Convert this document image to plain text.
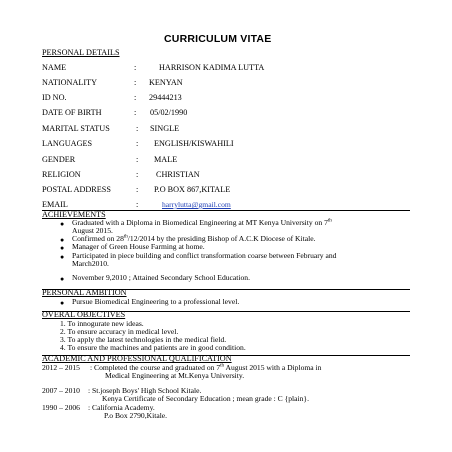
CURRICULUM VITAE
PERSONAL DETAILS
NAME	:	HARRISON KADIMA LUTTA
NATIONALITY	: KENYAN
ID NO.	: 29444213
DATE OF BIRTH	: 05/02/1990
MARITAL STATUS	: SINGLE
LANGUAGES	: ENGLISH/KISWAHILI
GENDER	: MALE
RELIGION	: CHRISTIAN
POSTAL ADDRESS	: P.O BOX 867,KITALE
EMAIL	:	harrylutta@gmail.com
ACHIEVEMENTS
● Graduated with a Diploma in Biomedical Engineering at MT Kenya University on 7th
August 2015.
● Confirmed on 28th/12/2014 by the presiding Bishop of A.C.K Diocese of Kitale.
● Manager of Green House Farming at home.
● Participated in piece building and conflict transformation coarse between February and
March2010.
● November 9,2010 ; Attained Secondary School Education.
PERSONAL AMBITION
● Pursue Biomedical Engineering to a professional level.
OVERAL OBJECTIVES
1. To innogurate new ideas.
2. To ensure accuracy in medical level.
3. To apply the latest technologies in the medical field.
4. To ensure the machines and patients are in good condition.
ACADEMIC AND PROFESSIONAL QUALIFICATION
2012 – 2015 : Completed the course and graduated on 7th August 2015 with a Diploma in
Medical Engineering at Mt.Kenya University.
2007 – 2010 : St.joseph Boys' High School Kitale.
Kenya Certificate of Secondary Education ; mean grade : C {plain}.
1990 – 2006 : California Academy.
P.o Box 2790,Kitale.
